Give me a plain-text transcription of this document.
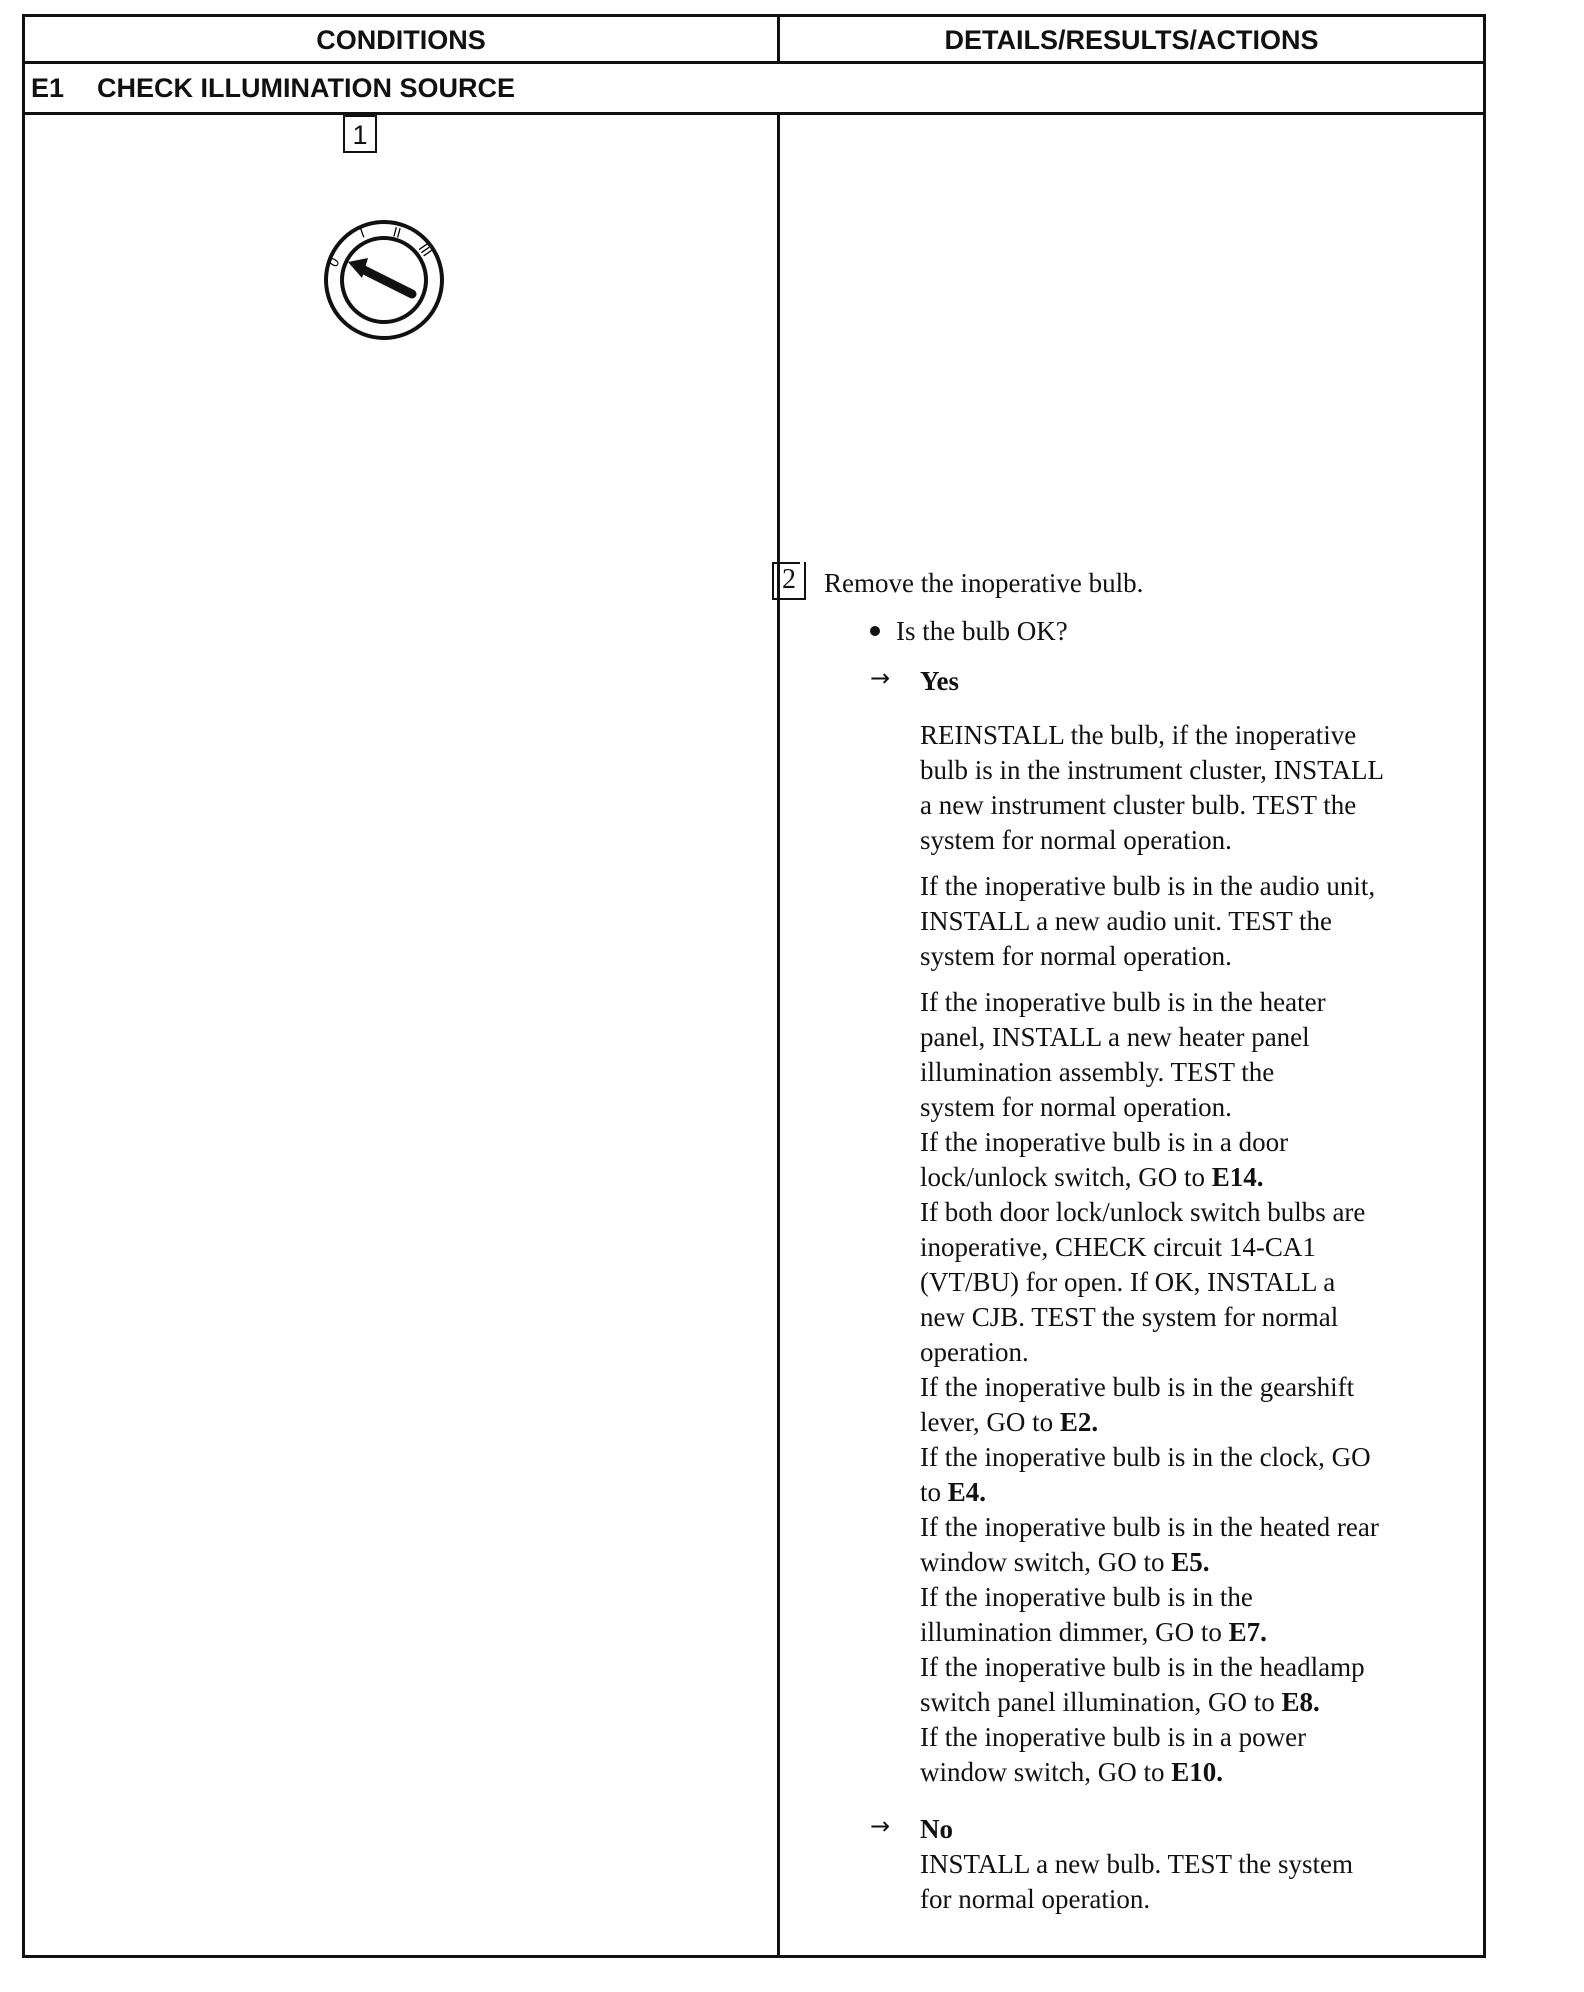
CONDITIONS	DETAILS/RESULTS/ACTIONS
E1 CHECK ILLUMINATION SOURCE
1
0
I II
III
2	Remove the inoperative bulb.
Is the bulb OK?
→ Yes
REINSTALL the bulb, if the inoperative
bulb is in the instrument cluster, INSTALL
a new instrument cluster bulb. TEST the
system for normal operation.
If the inoperative bulb is in the audio unit,
INSTALL a new audio unit. TEST the
system for normal operation.
If the inoperative bulb is in the heater
panel, INSTALL a new heater panel
illumination assembly. TEST the
system for normal operation.
If the inoperative bulb is in a door
lock/unlock switch, GO to E14.
If both door lock/unlock switch bulbs are
inoperative, CHECK circuit 14-CA1
(VT/BU) for open. If OK, INSTALL a
new CJB. TEST the system for normal
operation.
If the inoperative bulb is in the gearshift
lever, GO to E2.
If the inoperative bulb is in the clock, GO
to E4.
If the inoperative bulb is in the heated rear
window switch, GO to E5.
If the inoperative bulb is in the
illumination dimmer, GO to E7.
If the inoperative bulb is in the headlamp
switch panel illumination, GO to E8.
If the inoperative bulb is in a power
window switch, GO to E10.
→ No
INSTALL a new bulb. TEST the system
for normal operation.
